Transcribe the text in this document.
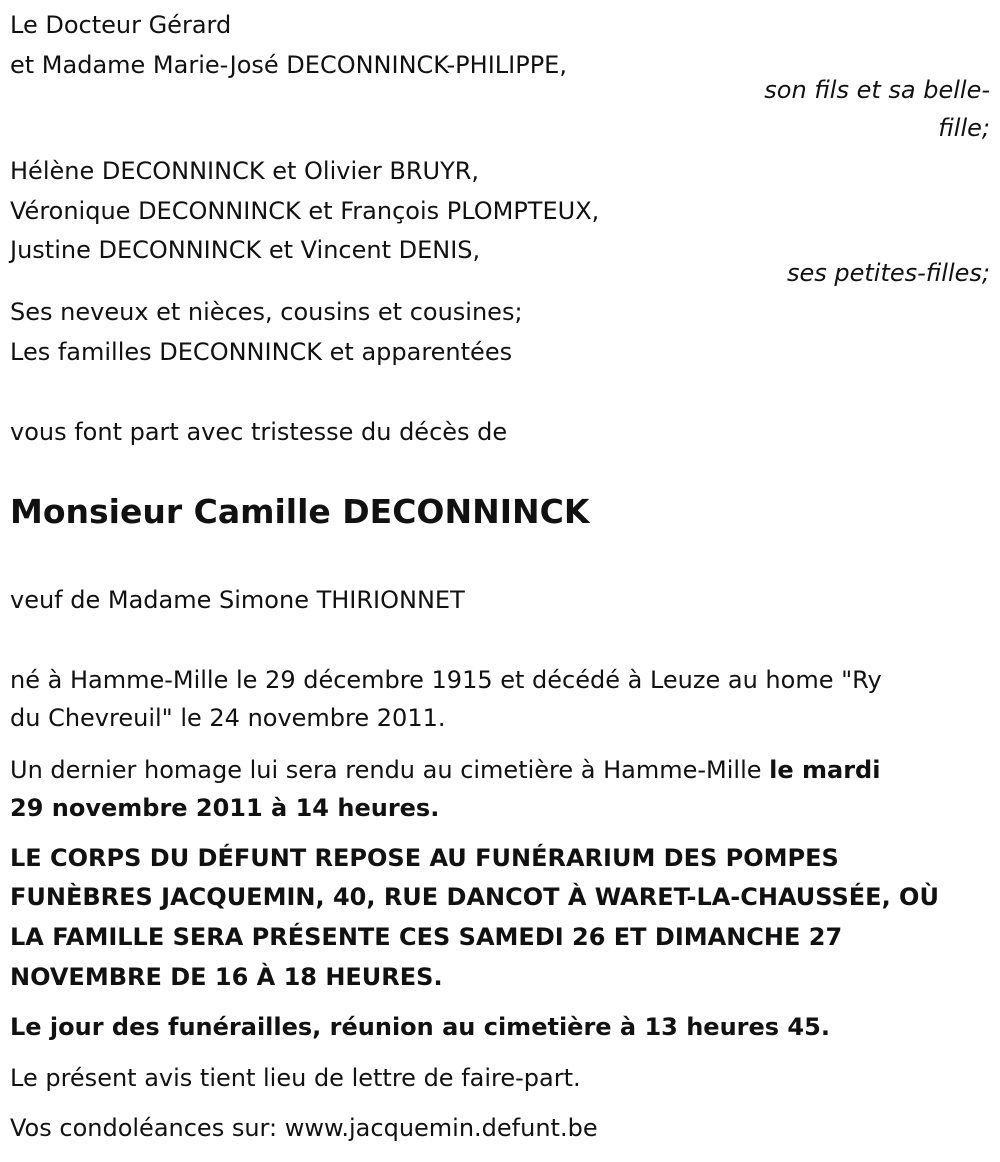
Le Docteur Gérard
et Madame Marie-José DECONNINCK-PHILIPPE,
son fils et sa belle-
fille;
Hélène DECONNINCK et Olivier BRUYR,
Véronique DECONNINCK et François PLOMPTEUX,
Justine DECONNINCK et Vincent DENIS,
ses petites-filles;
Ses neveux et nièces, cousins et cousines;
Les familles DECONNINCK et apparentées
vous font part avec tristesse du décès de
Monsieur Camille DECONNINCK
veuf de Madame Simone THIRIONNET
né à Hamme-Mille le 29 décembre 1915 et décédé à Leuze au home "Ry
du Chevreuil" le 24 novembre 2011.
Un dernier homage lui sera rendu au cimetière à Hamme-Mille le mardi
29 novembre 2011 à 14 heures.
LE CORPS DU DÉFUNT REPOSE AU FUNÉRARIUM DES POMPES
FUNÈBRES JACQUEMIN, 40, RUE DANCOT À WARET-LA-CHAUSSÉE, OÙ
LA FAMILLE SERA PRÉSENTE CES SAMEDI 26 ET DIMANCHE 27
NOVEMBRE DE 16 À 18 HEURES.
Le jour des funérailles, réunion au cimetière à 13 heures 45.
Le présent avis tient lieu de lettre de faire-part.
Vos condoléances sur: www.jacquemin.defunt.be
